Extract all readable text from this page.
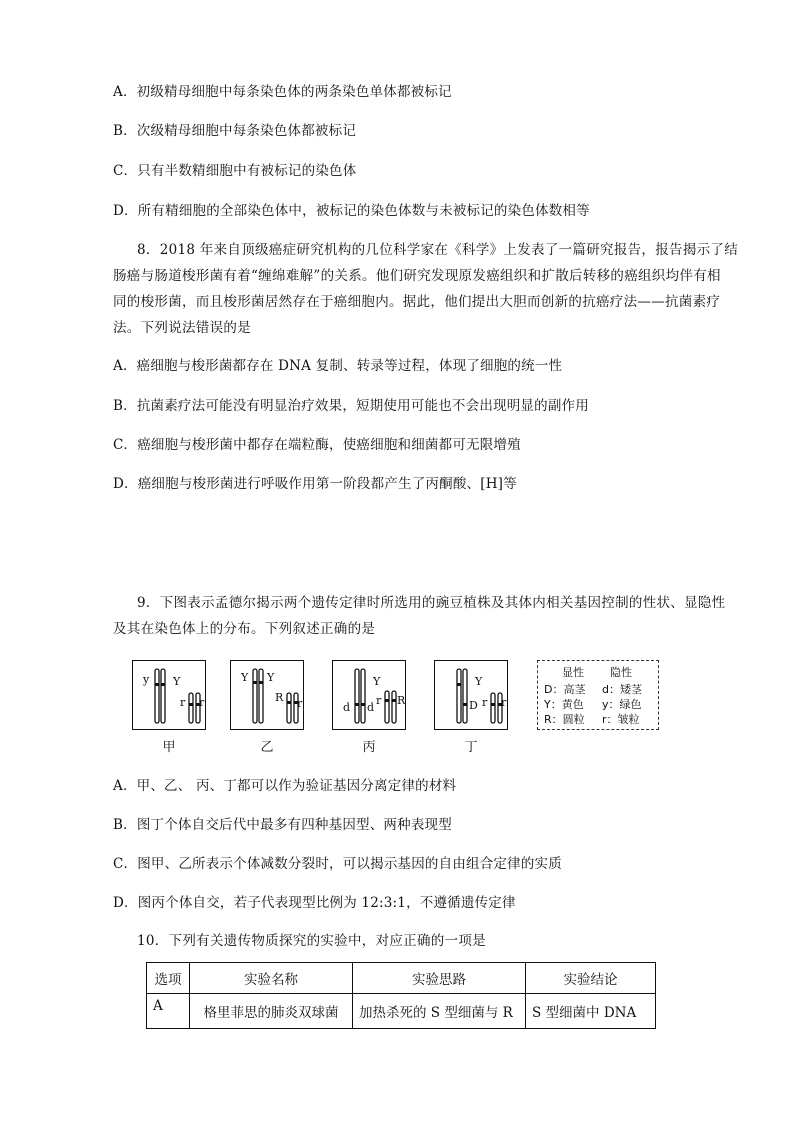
A．初级精母细胞中每条染色体的两条染色单体都被标记
B．次级精母细胞中每条染色体都被标记
C．只有半数精细胞中有被标记的染色体
D．所有精细胞的全部染色体中，被标记的染色体数与未被标记的染色体数相等
8．2018 年来自顶级癌症研究机构的几位科学家在《科学》上发表了一篇研究报告，报告揭示了结
肠癌与肠道梭形菌有着“缠绵难解”的关系。他们研究发现原发癌组织和扩散后转移的癌组织均伴有相
同的梭形菌，而且梭形菌居然存在于癌细胞内。据此，他们提出大胆而创新的抗癌疗法——抗菌素疗
法。下列说法错误的是
A．癌细胞与梭形菌都存在 DNA 复制、转录等过程，体现了细胞的统一性
B．抗菌素疗法可能没有明显治疗效果，短期使用可能也不会出现明显的副作用
C．癌细胞与梭形菌中都存在端粒酶，使癌细胞和细菌都可无限增殖
D．癌细胞与梭形菌进行呼吸作用第一阶段都产生了丙酮酸、[H]等
9．下图表示孟德尔揭示两个遗传定律时所选用的豌豆植株及其体内相关基因控制的性状、显隐性
及其在染色体上的分布。下列叙述正确的是
y Y
r r
甲
Y Y
R r
乙
d d
Y
r R
丙
Y
D r r
丁
显性 隐性
D：高茎 d：矮茎
Y：黄色 y：绿色
R：圆粒 r：皱粒
A．甲、乙、 丙、丁都可以作为验证基因分离定律的材料
B．图丁个体自交后代中最多有四种基因型、两种表现型
C．图甲、乙所表示个体减数分裂时，可以揭示基因的自由组合定律的实质
D．图丙个体自交，若子代表现型比例为 12:3:1，不遵循遗传定律
10．下列有关遗传物质探究的实验中，对应正确的一项是
选项	实验名称	实验思路	实验结论
A	格里菲思的肺炎双球菌	加热杀死的 S 型细菌与 R	S 型细菌中 DNA
